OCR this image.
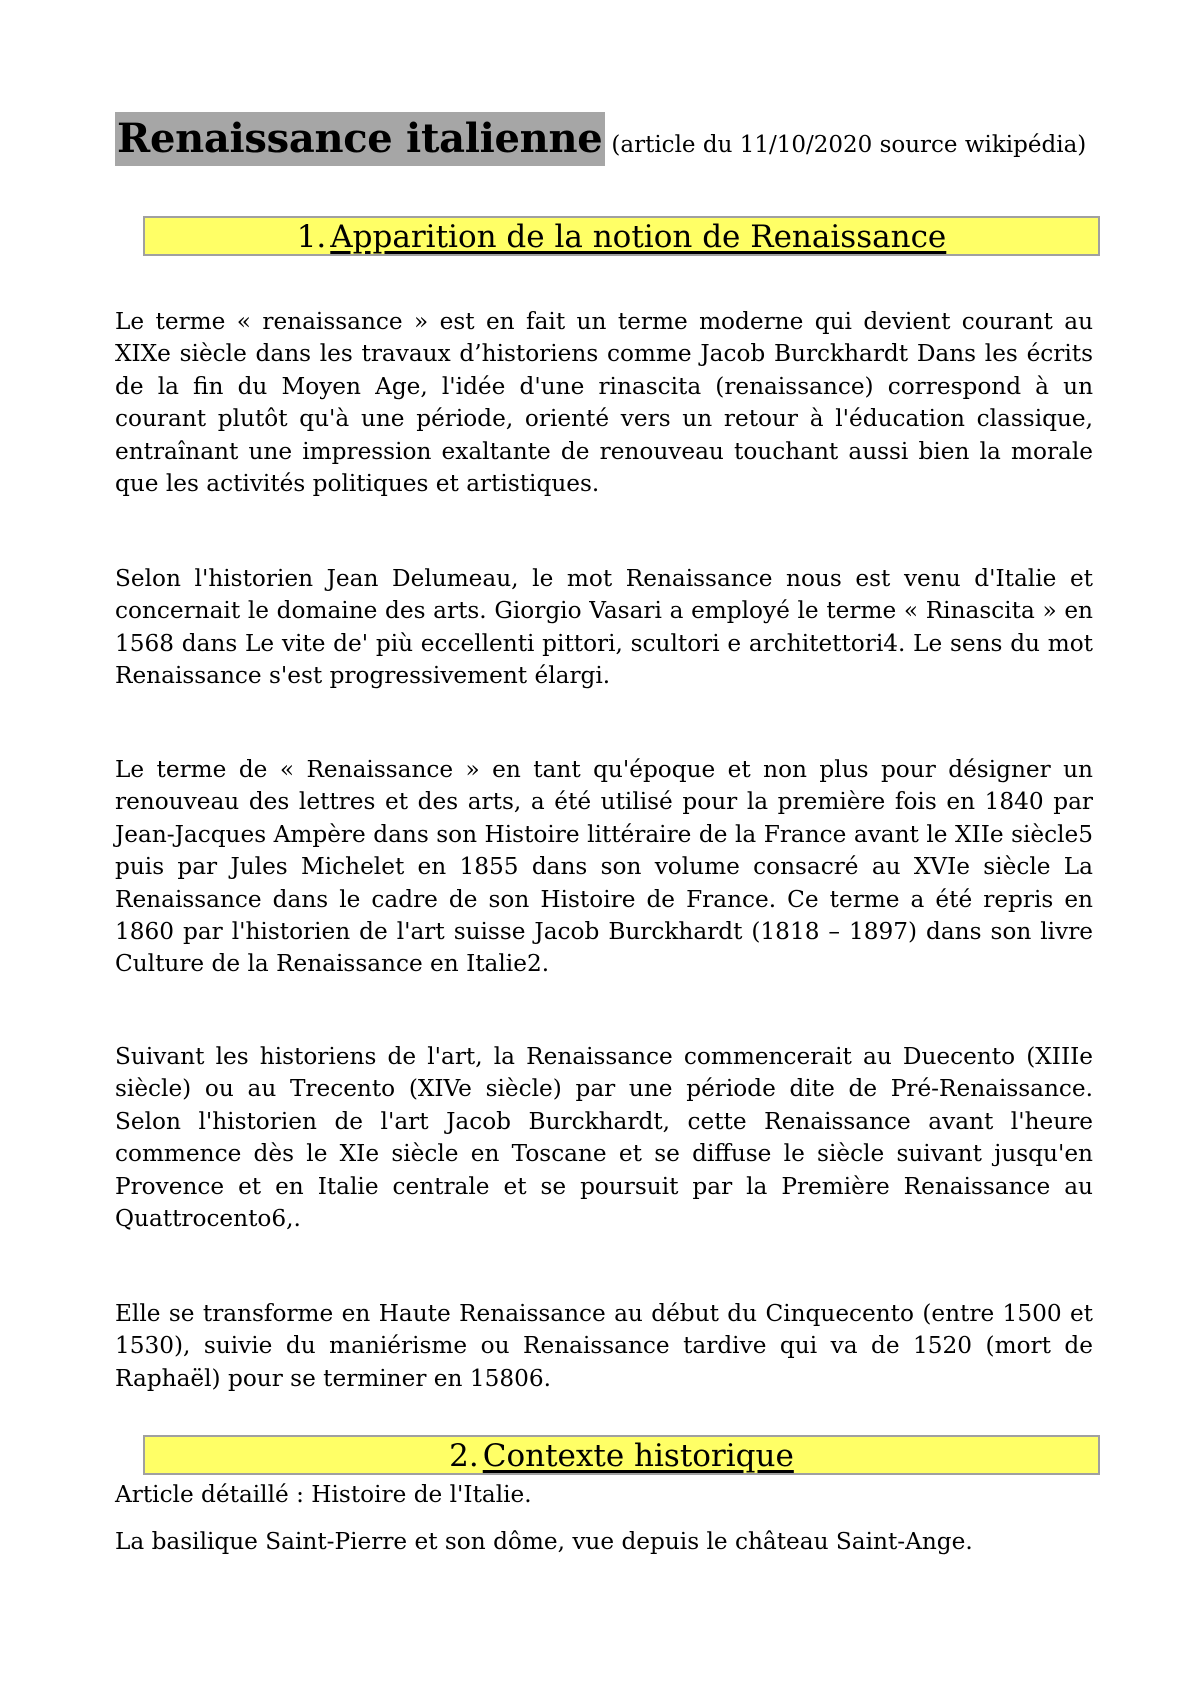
Renaissance italienne (article du 11/10/2020 source wikipédia)
1. Apparition de la notion de Renaissance

Le terme « renaissance » est en fait un terme moderne qui devient courant au XIXe siècle dans les travaux d’historiens comme Jacob Burckhardt Dans les écrits de la fin du Moyen Age, l'idée d'une rinascita (renaissance) correspond à un courant plutôt qu'à une période, orienté vers un retour à l'éducation classique, entraînant une impression exaltante de renouveau touchant aussi bien la morale que les activités politiques et artistiques.

Selon l'historien Jean Delumeau, le mot Renaissance nous est venu d'Italie et concernait le domaine des arts. Giorgio Vasari a employé le terme « Rinascita » en 1568 dans Le vite de' più eccellenti pittori, scultori e architettori4. Le sens du mot Renaissance s'est progressivement élargi.

Le terme de « Renaissance » en tant qu'époque et non plus pour désigner un renouveau des lettres et des arts, a été utilisé pour la première fois en 1840 par Jean-Jacques Ampère dans son Histoire littéraire de la France avant le XIIe siècle5 puis par Jules Michelet en 1855 dans son volume consacré au XVIe siècle La Renaissance dans le cadre de son Histoire de France. Ce terme a été repris en 1860 par l'historien de l'art suisse Jacob Burckhardt (1818 – 1897) dans son livre Culture de la Renaissance en Italie2.

Suivant les historiens de l'art, la Renaissance commencerait au Duecento (XIIIe siècle) ou au Trecento (XIVe siècle) par une période dite de Pré-Renaissance. Selon l'historien de l'art Jacob Burckhardt, cette Renaissance avant l'heure commence dès le XIe siècle en Toscane et se diffuse le siècle suivant jusqu'en Provence et en Italie centrale et se poursuit par la Première Renaissance au Quattrocento6,.

Elle se transforme en Haute Renaissance au début du Cinquecento (entre 1500 et 1530), suivie du maniérisme ou Renaissance tardive qui va de 1520 (mort de Raphaël) pour se terminer en 15806.

2. Contexte historique

Article détaillé : Histoire de l'Italie.

La basilique Saint-Pierre et son dôme, vue depuis le château Saint-Ange.
